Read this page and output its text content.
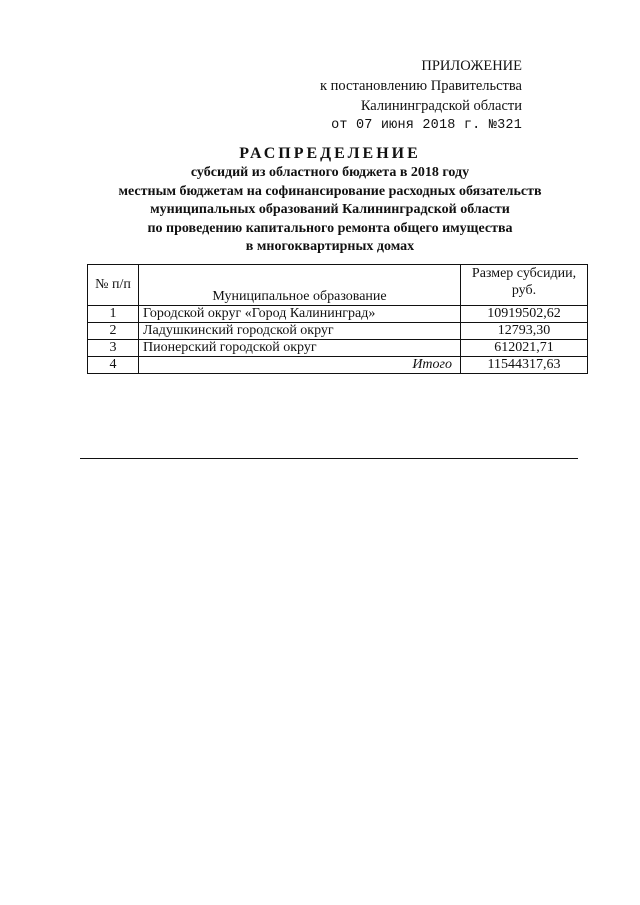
ПРИЛОЖЕНИЕ
к постановлению Правительства
Калининградской области
от 07 июня 2018 г. №321
РАСПРЕДЕЛЕНИЕ
субсидий из областного бюджета в 2018 году
местным бюджетам на софинансирование расходных обязательств
муниципальных образований Калининградской области
по проведению капитального ремонта общего имущества
в многоквартирных домах
№ п/п	Муниципальное образование	Размер субсидии, руб.
1	Городской округ «Город Калининград»	10919502,62
2	Ладушкинский городской округ	12793,30
3	Пионерский городской округ	612021,71
4	Итого	11544317,63
